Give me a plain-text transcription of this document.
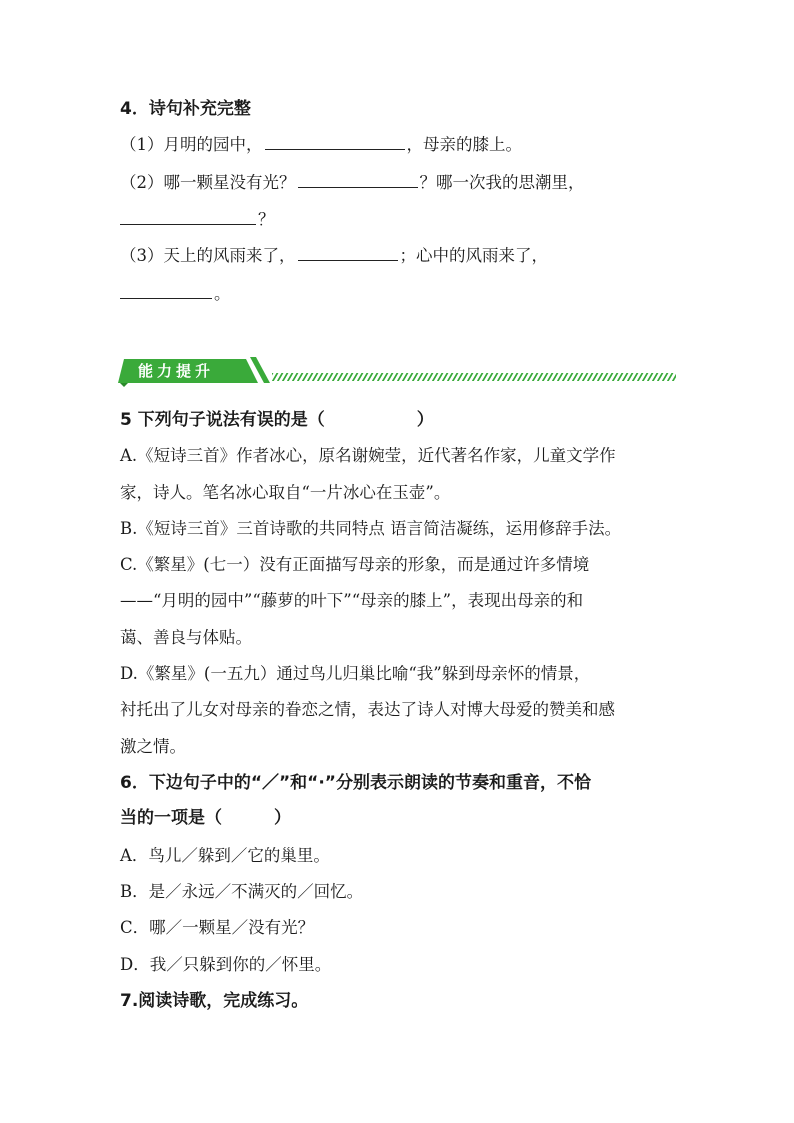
4．诗句补充完整
（1）月明的园中，	，母亲的膝上。
（2）哪一颗星没有光？	？哪一次我的思潮里，
？
（3）天上的风雨来了，	；心中的风雨来了，
。
能力提升
5 下列句子说法有误的是（	）
A.《短诗三首》作者冰心，原名谢婉莹，近代著名作家，儿童文学作
家，诗人。笔名冰心取自“一片冰心在玉壶”。
B.《短诗三首》三首诗歌的共同特点 语言简洁凝练，运用修辞手法。
C.《繁星》(七一）没有正面描写母亲的形象，而是通过许多情境
——“月明的园中”“藤萝的叶下”“母亲的膝上”，表现出母亲的和
蔼、善良与体贴。
D.《繁星》(一五九）通过鸟儿归巢比喻“我”躲到母亲怀的情景，
衬托出了儿女对母亲的眷恋之情，表达了诗人对博大母爱的赞美和感
激之情。
6．下边句子中的“／”和“·”分别表示朗读的节奏和重音，不恰
当的一项是（	）
A．鸟儿／躲到／它的巢里。
B．是／永远／不满灭的／回忆。
C．哪／一颗星／没有光？
D．我／只躲到你的／怀里。
7.阅读诗歌，完成练习。
